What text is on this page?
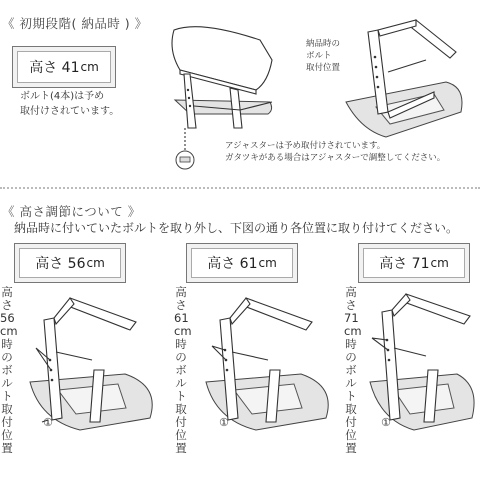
《 初期段階( 納品時 ) 》
高さ 41 cm
ボルト(4本)は予め
取付けされています。
納品時の
ボルト
取付位置
アジャスターは予め取付けされています。
ガタツキがある場合はアジャスターで調整してください。
《 高さ調節について 》
納品時に付いていたボルトを取り外し、下図の通り各位置に取り付けてください。
高さ 56 cm
高
さ
56
cm
時
の
ボ
ル
ト
取
付
位
置
①
高さ 61 cm
高
さ
61
cm
時
の
ボ
ル
ト
取
付
位
置
①
高さ 71 cm
高
さ
71
cm
時
の
ボ
ル
ト
取
付
位
置
①
